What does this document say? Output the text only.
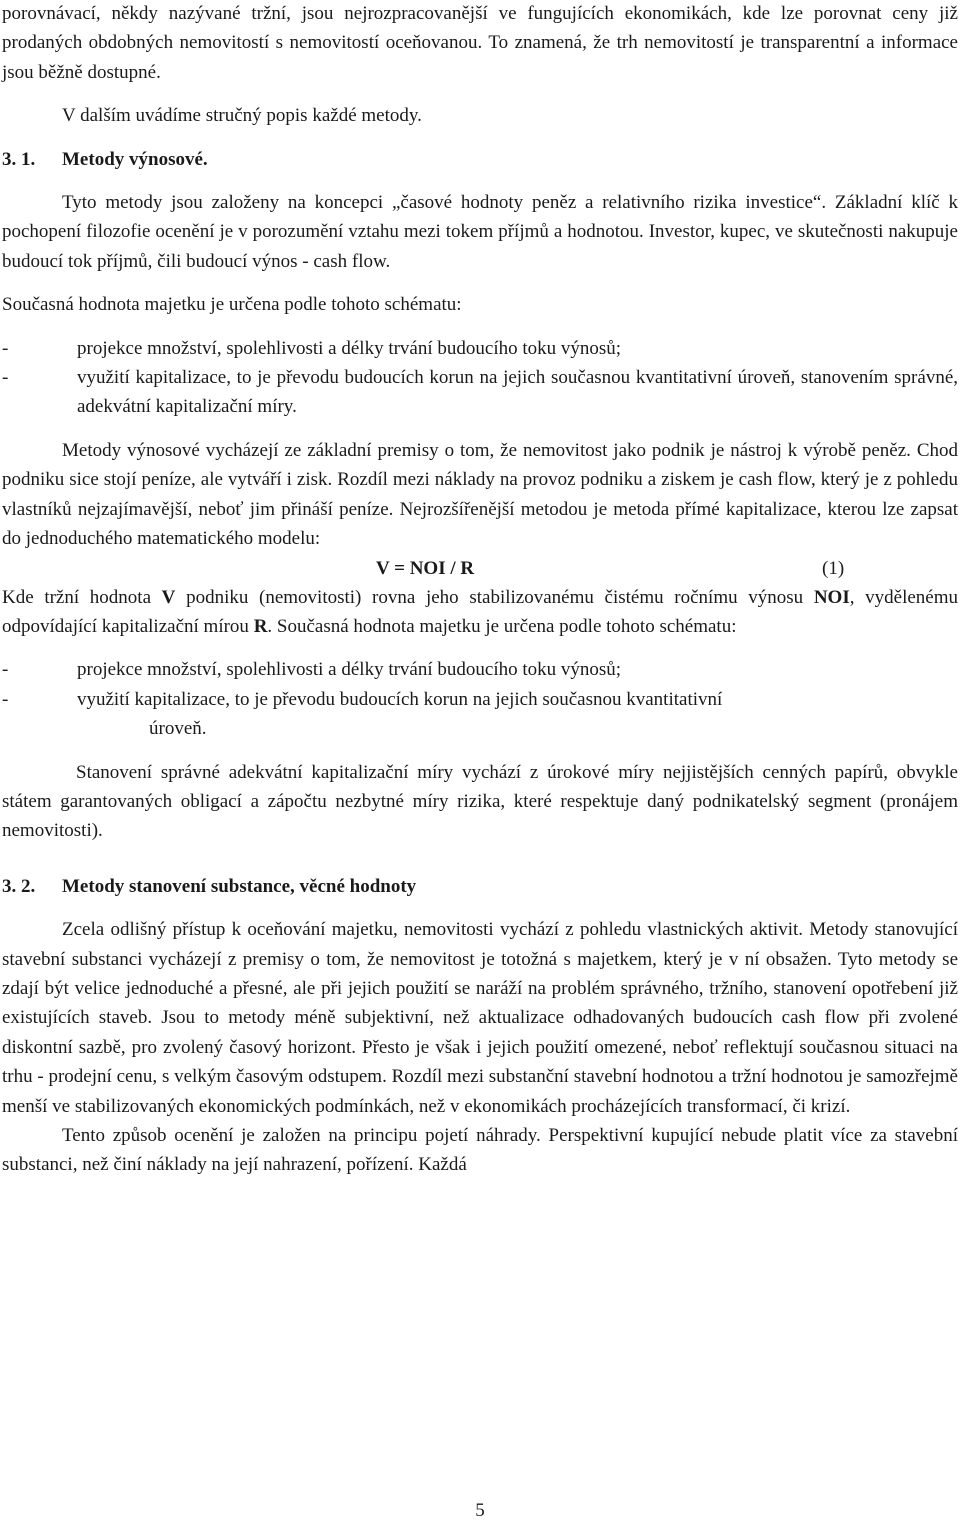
porovnávací, někdy nazývané tržní, jsou nejrozpracovanější ve fungujících ekonomikách, kde lze porovnat ceny již prodaných obdobných nemovitostí s nemovitostí oceňovanou. To znamená, že trh nemovitostí je transparentní a informace jsou běžně dostupné.

V dalším uvádíme stručný popis každé metody.

3. 1. Metody výnosové.

Tyto metody jsou založeny na koncepci „časové hodnoty peněz a relativního rizika investice“. Základní klíč k pochopení filozofie ocenění je v porozumění vztahu mezi tokem příjmů a hodnotou. Investor, kupec, ve skutečnosti nakupuje budoucí tok příjmů, čili budoucí výnos - cash flow.

Současná hodnota majetku je určena podle tohoto schématu:

-	projekce množství, spolehlivosti a délky trvání budoucího toku výnosů;
-	využití kapitalizace, to je převodu budoucích korun na jejich současnou kvantitativní úroveň, stanovením správné, adekvátní kapitalizační míry.

Metody výnosové vycházejí ze základní premisy o tom, že nemovitost jako podnik je nástroj k výrobě peněz. Chod podniku sice stojí peníze, ale vytváří i zisk. Rozdíl mezi náklady na provoz podniku a ziskem je cash flow, který je z pohledu vlastníků nejzajímavější, neboť jim přináší peníze. Nejrozšířenější metodou je metoda přímé kapitalizace, kterou lze zapsat do jednoduchého matematického modelu:

V = NOI / R	(1)

Kde tržní hodnota V podniku (nemovitosti) rovna jeho stabilizovanému čistému ročnímu výnosu NOI, vydělenému odpovídající kapitalizační mírou R. Současná hodnota majetku je určena podle tohoto schématu:

-	projekce množství, spolehlivosti a délky trvání budoucího toku výnosů;
-	využití kapitalizace, to je převodu budoucích korun na jejich současnou kvantitativní
úroveň.

Stanovení správné adekvátní kapitalizační míry vychází z úrokové míry nejjistějších cenných papírů, obvykle státem garantovaných obligací a zápočtu nezbytné míry rizika, které respektuje daný podnikatelský segment (pronájem nemovitosti).

3. 2. Metody stanovení substance, věcné hodnoty

Zcela odlišný přístup k oceňování majetku, nemovitosti vychází z pohledu vlastnických aktivit. Metody stanovující stavební substanci vycházejí z premisy o tom, že nemovitost je totožná s majetkem, který je v ní obsažen. Tyto metody se zdají být velice jednoduché a přesné, ale při jejich použití se naráží na problém správného, tržního, stanovení opotřebení již existujících staveb. Jsou to metody méně subjektivní, než aktualizace odhadovaných budoucích cash flow při zvolené diskontní sazbě, pro zvolený časový horizont. Přesto je však i jejich použití omezené, neboť reflektují současnou situaci na trhu - prodejní cenu, s velkým časovým odstupem. Rozdíl mezi substanční stavební hodnotou a tržní hodnotou je samozřejmě menší ve stabilizovaných ekonomických podmínkách, než v ekonomikách procházejících transformací, či krizí.

Tento způsob ocenění je založen na principu pojetí náhrady. Perspektivní kupující nebude platit více za stavební substanci, než činí náklady na její nahrazení, pořízení. Každá

5
